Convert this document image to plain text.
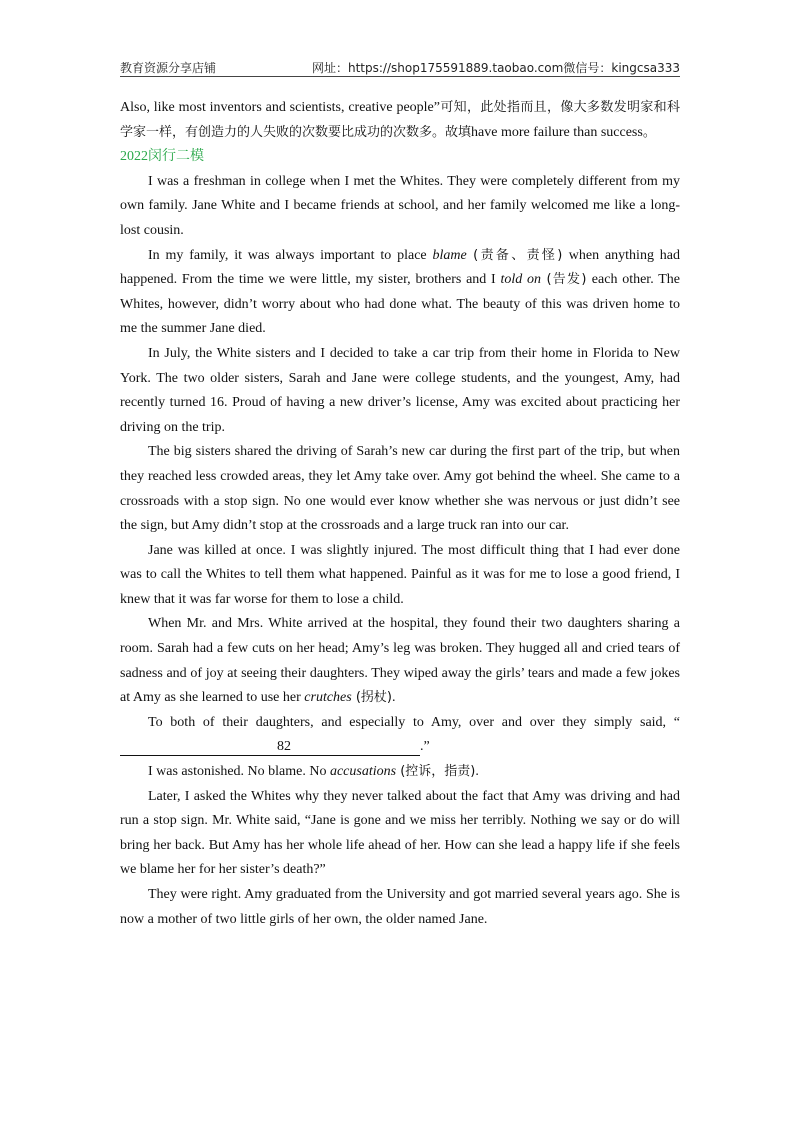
教育资源分享店铺	网址：https://shop175591889.taobao.com 微信号：kingcsa333

Also, like most inventors and scientists, creative people”可知，此处指而且，像大多数发明家和科学家一样，有创造力的人失败的次数要比成功的次数多。故填have more failure than success。

2022闵行二模

I was a freshman in college when I met the Whites. They were completely different from my own family. Jane White and I became friends at school, and her family welcomed me like a long-lost cousin.

In my family, it was always important to place blame (责备、责怪) when anything had happened. From the time we were little, my sister, brothers and I told on (告发) each other. The Whites, however, didn’t worry about who had done what. The beauty of this was driven home to me the summer Jane died.

In July, the White sisters and I decided to take a car trip from their home in Florida to New York. The two older sisters, Sarah and Jane were college students, and the youngest, Amy, had recently turned 16. Proud of having a new driver’s license, Amy was excited about practicing her driving on the trip.

The big sisters shared the driving of Sarah’s new car during the first part of the trip, but when they reached less crowded areas, they let Amy take over. Amy got behind the wheel. She came to a crossroads with a stop sign. No one would ever know whether she was nervous or just didn’t see the sign, but Amy didn’t stop at the crossroads and a large truck ran into our car.

Jane was killed at once. I was slightly injured. The most difficult thing that I had ever done was to call the Whites to tell them what happened. Painful as it was for me to lose a good friend, I knew that it was far worse for them to lose a child.

When Mr. and Mrs. White arrived at the hospital, they found their two daughters sharing a room. Sarah had a few cuts on her head; Amy’s leg was broken. They hugged all and cried tears of sadness and of joy at seeing their daughters. They wiped away the girls’ tears and made a few jokes at Amy as she learned to use her crutches (拐杖).

To both of their daughters, and especially to Amy, over and over they simply said, “82	.”

I was astonished. No blame. No accusations (控诉，指责).

Later, I asked the Whites why they never talked about the fact that Amy was driving and had run a stop sign. Mr. White said, “Jane is gone and we miss her terribly. Nothing we say or do will bring her back. But Amy has her whole life ahead of her. How can she lead a happy life if she feels we blame her for her sister’s death?”

They were right. Amy graduated from the University and got married several years ago. She is now a mother of two little girls of her own, the older named Jane.
